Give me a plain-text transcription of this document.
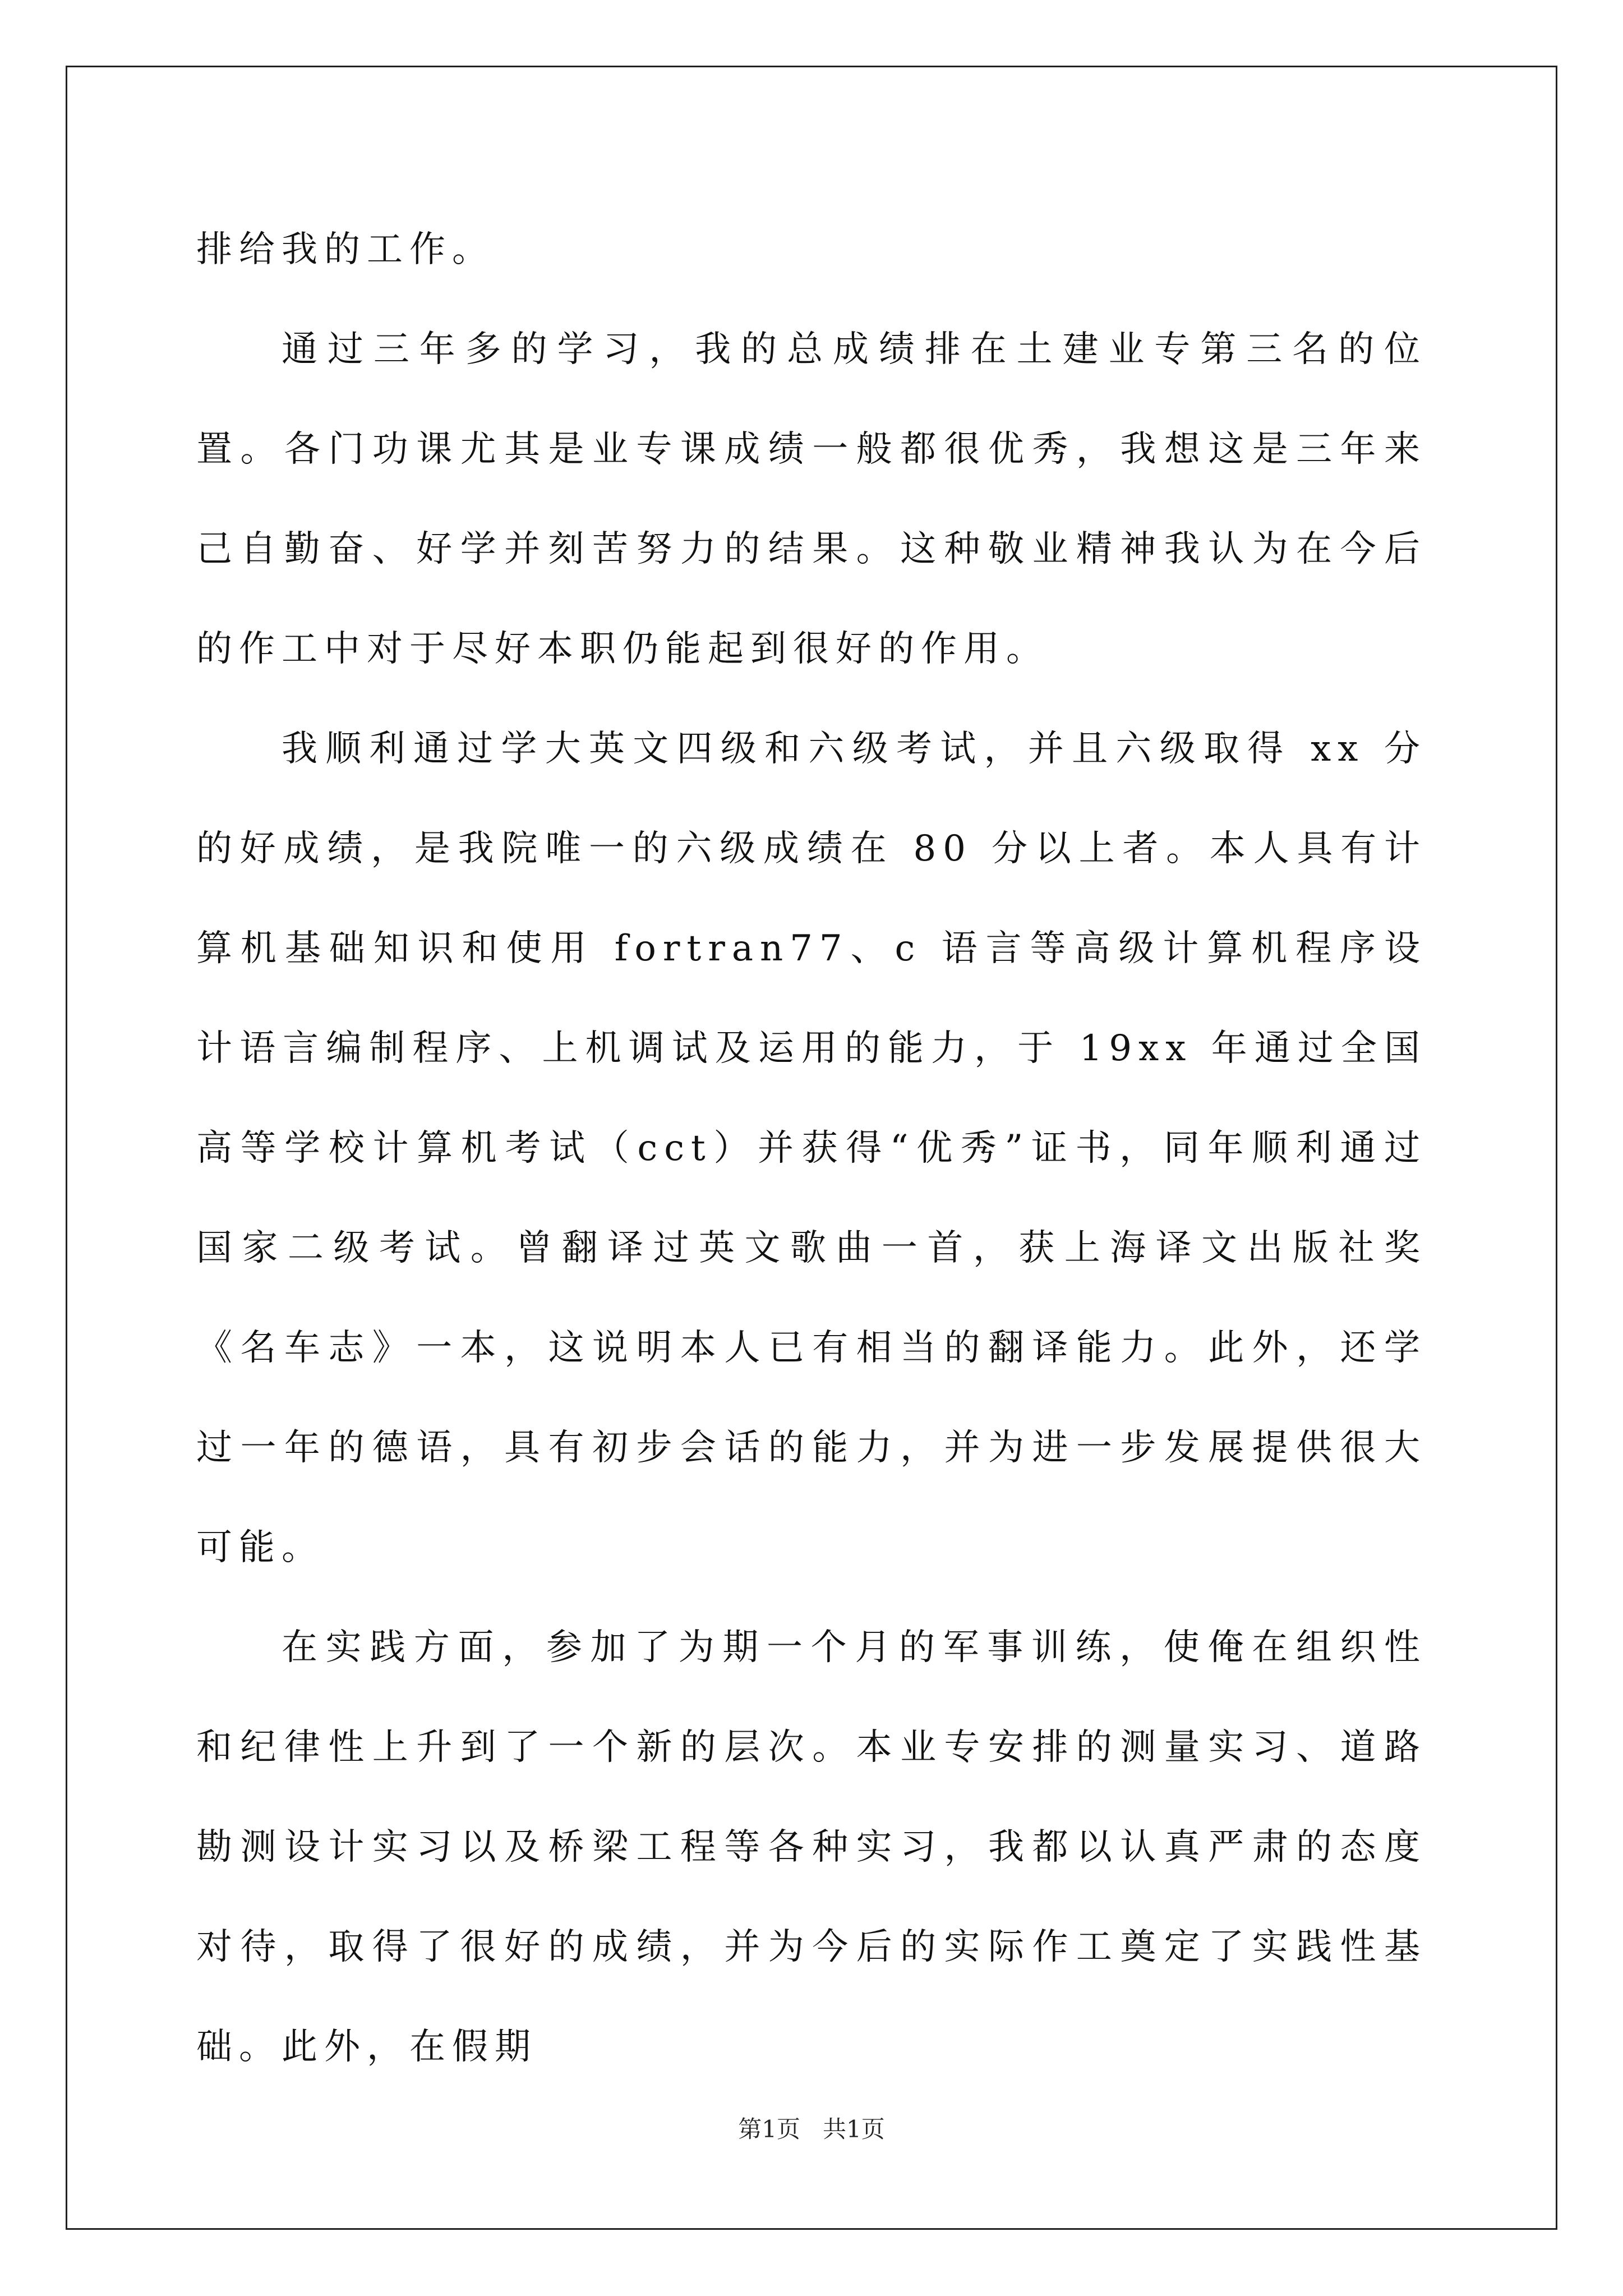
排给我的工作。

通过三年多的学习，我的总成绩排在土建业专第三名的位置。各门功课尤其是业专课成绩一般都很优秀，我想这是三年来己自勤奋、好学并刻苦努力的结果。这种敬业精神我认为在今后的作工中对于尽好本职仍能起到很好的作用。

我顺利通过学大英文四级和六级考试，并且六级取得 xx 分的好成绩，是我院唯一的六级成绩在 80 分以上者。本人具有计算机基础知识和使用 fortran77、c 语言等高级计算机程序设计语言编制程序、上机调试及运用的能力，于 19xx 年通过全国高等学校计算机考试（cct）并获得“优秀”证书，同年顺利通过国家二级考试。曾翻译过英文歌曲一首，获上海译文出版社奖《名车志》一本，这说明本人已有相当的翻译能力。此外，还学过一年的德语，具有初步会话的能力，并为进一步发展提供很大可能。

在实践方面，参加了为期一个月的军事训练，使俺在组织性和纪律性上升到了一个新的层次。本业专安排的测量实习、道路勘测设计实习以及桥梁工程等各种实习，我都以认真严肃的态度对待，取得了很好的成绩，并为今后的实际作工奠定了实践性基础。此外，在假期

第1页   共1页
